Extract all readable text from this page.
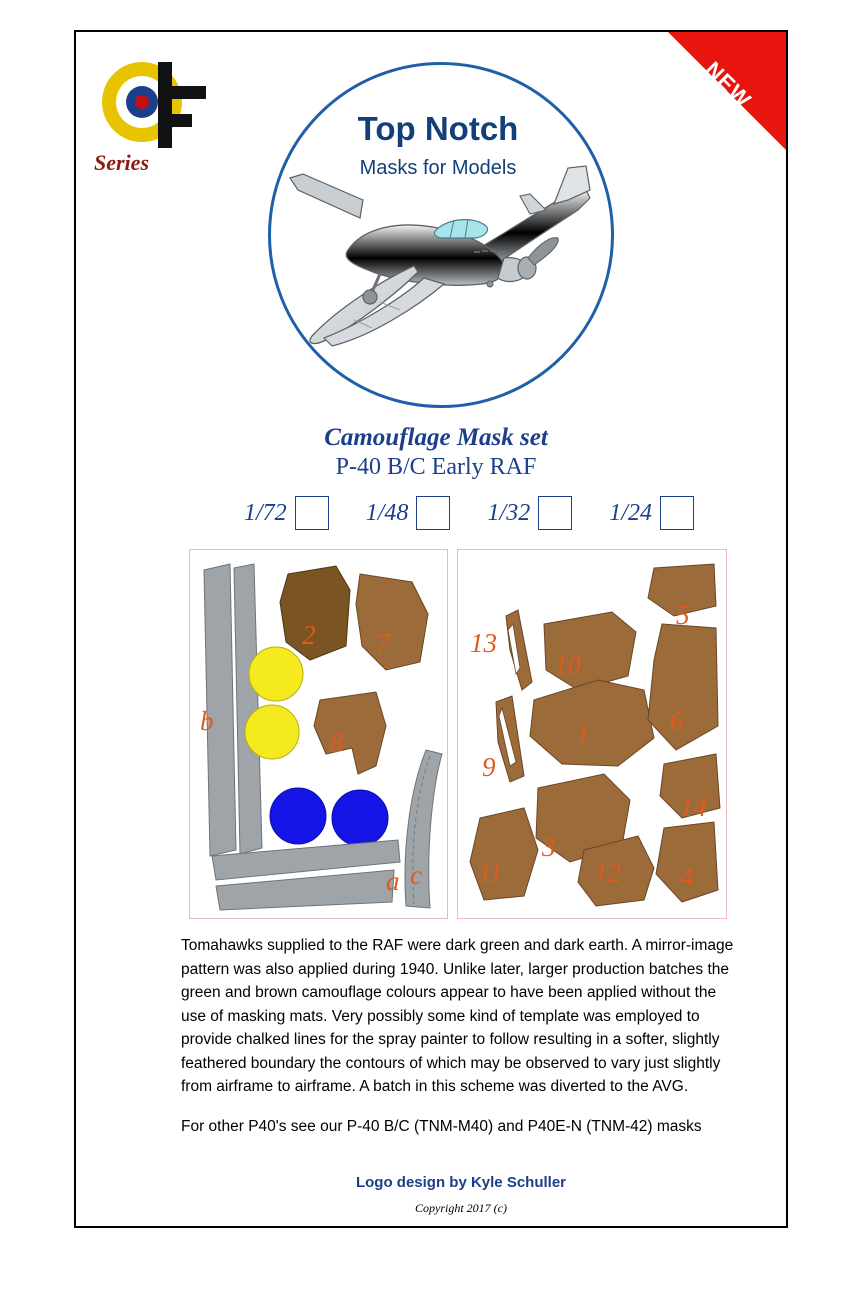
Series
NEW
Top Notch
Masks for Models
Camouflage Mask set
P-40 B/C Early RAF
1/72	1/48	1/32	1/24
b
2 7
8
a c
5
13
10
1	6
9
14
3
11	12 4

Tomahawks supplied to the RAF were dark green and dark earth. A mirror-image pattern was also applied during 1940. Unlike later, larger production batches the green and brown camouflage colours appear to have been applied without the use of masking mats. Very possibly some kind of template was employed to provide chalked lines for the spray painter to follow resulting in a softer, slightly feathered boundary the contours of which may be observed to vary just slightly from airframe to airframe. A batch in this scheme was diverted to the AVG.

For other P40's see our P-40 B/C (TNM-M40) and P40E-N (TNM-42) masks

Logo design by Kyle Schuller
Copyright 2017 (c)
